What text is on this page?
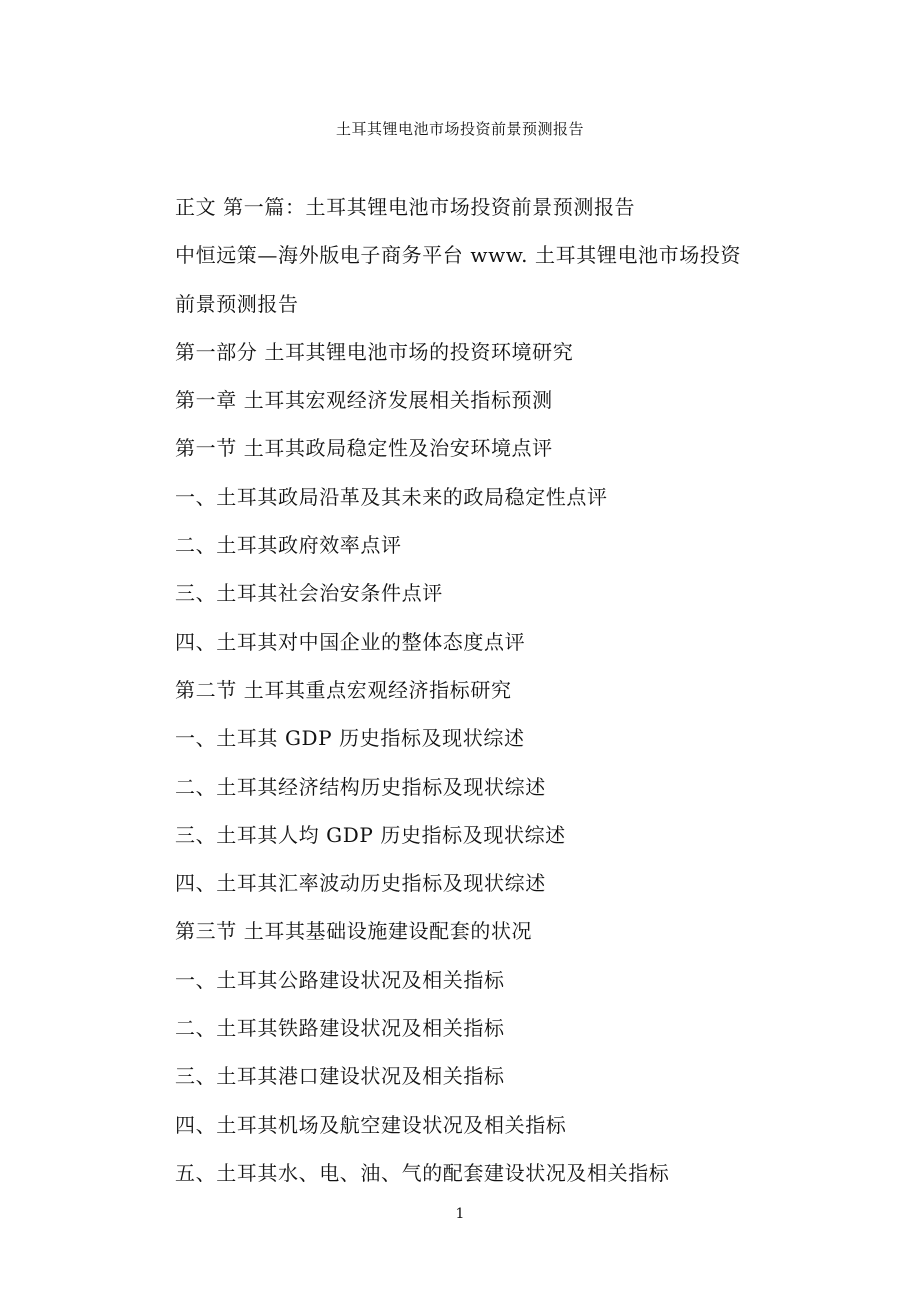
土耳其锂电池市场投资前景预测报告
正文 第一篇：土耳其锂电池市场投资前景预测报告
中恒远策—海外版电子商务平台 www. 土耳其锂电池市场投资
前景预测报告
第一部分 土耳其锂电池市场的投资环境研究
第一章 土耳其宏观经济发展相关指标预测
第一节 土耳其政局稳定性及治安环境点评
一、土耳其政局沿革及其未来的政局稳定性点评
二、土耳其政府效率点评
三、土耳其社会治安条件点评
四、土耳其对中国企业的整体态度点评
第二节 土耳其重点宏观经济指标研究
一、土耳其 GDP 历史指标及现状综述
二、土耳其经济结构历史指标及现状综述
三、土耳其人均 GDP 历史指标及现状综述
四、土耳其汇率波动历史指标及现状综述
第三节 土耳其基础设施建设配套的状况
一、土耳其公路建设状况及相关指标
二、土耳其铁路建设状况及相关指标
三、土耳其港口建设状况及相关指标
四、土耳其机场及航空建设状况及相关指标
五、土耳其水、电、油、气的配套建设状况及相关指标
1
